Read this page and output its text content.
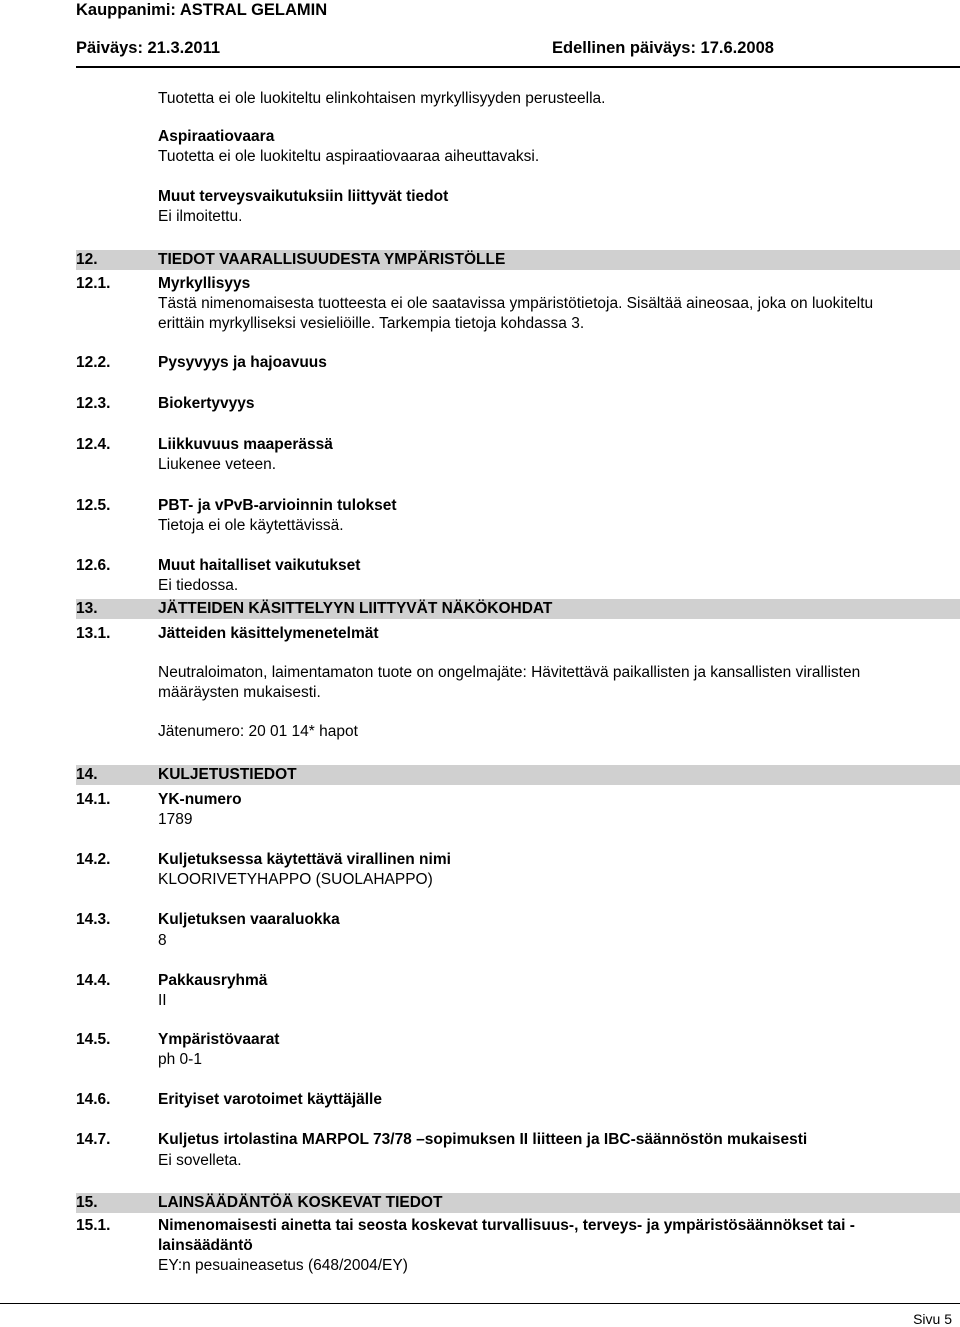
Kauppanimi: ASTRAL GELAMIN
Päiväys: 21.3.2011	Edellinen päiväys: 17.6.2008
Tuotetta ei ole luokiteltu elinkohtaisen myrkyllisyyden perusteella.
Aspiraatiovaara
Tuotetta ei ole luokiteltu aspiraatiovaaraa aiheuttavaksi.
Muut terveysvaikutuksiin liittyvät tiedot
Ei ilmoitettu.
12.	TIEDOT VAARALLISUUDESTA YMPÄRISTÖLLE
12.1.	Myrkyllisyys
Tästä nimenomaisesta tuotteesta ei ole saatavissa ympäristötietoja. Sisältää aineosaa, joka on luokiteltu
erittäin myrkylliseksi vesieliöille. Tarkempia tietoja kohdassa 3.
12.2.	Pysyvyys ja hajoavuus
12.3.	Biokertyvyys
12.4.	Liikkuvuus maaperässä
Liukenee veteen.
12.5.	PBT- ja vPvB-arvioinnin tulokset
Tietoja ei ole käytettävissä.
12.6.	Muut haitalliset vaikutukset
Ei tiedossa.
13.	JÄTTEIDEN KÄSITTELYYN LIITTYVÄT NÄKÖKOHDAT
13.1.	Jätteiden käsittelymenetelmät
Neutraloimaton, laimentamaton tuote on ongelmajäte: Hävitettävä paikallisten ja kansallisten virallisten
määräysten mukaisesti.
Jätenumero: 20 01 14* hapot
14.	KULJETUSTIEDOT
14.1.	YK-numero
1789
14.2.	Kuljetuksessa käytettävä virallinen nimi
KLOORIVETYHAPPO (SUOLAHAPPO)
14.3.	Kuljetuksen vaaraluokka
8
14.4.	Pakkausryhmä
II
14.5.	Ympäristövaarat
ph 0-1
14.6.	Erityiset varotoimet käyttäjälle
14.7.	Kuljetus irtolastina MARPOL 73/78 –sopimuksen II liitteen ja IBC-säännöstön mukaisesti
Ei sovelleta.
15.	LAINSÄÄDÄNTÖÄ KOSKEVAT TIEDOT
15.1.	Nimenomaisesti ainetta tai seosta koskevat turvallisuus-, terveys- ja ympäristösäännökset tai -
lainsäädäntö
EY:n pesuaineasetus (648/2004/EY)
Sivu 5
